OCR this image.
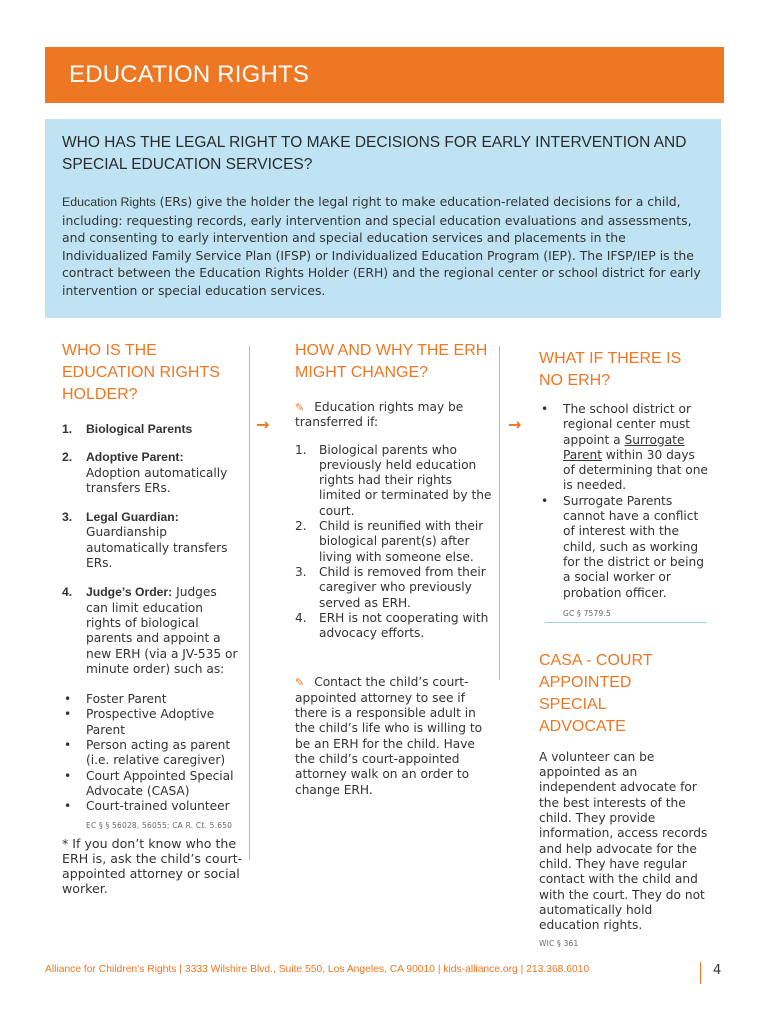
EDUCATION RIGHTS
WHO HAS THE LEGAL RIGHT TO MAKE DECISIONS FOR EARLY INTERVENTION AND SPECIAL EDUCATION SERVICES?

Education Rights (ERs) give the holder the legal right to make education-related decisions for a child, including: requesting records, early intervention and special education evaluations and assessments, and consenting to early intervention and special education services and placements in the Individualized Family Service Plan (IFSP) or Individualized Education Program (IEP). The IFSP/IEP is the contract between the Education Rights Holder (ERH) and the regional center or school district for early intervention or special education services.

→	→
WHO IS THE EDUCATION RIGHTS HOLDER?
1. Biological Parents
2. Adoptive Parent:
Adoption automatically transfers ERs.
3. Legal Guardian:
Guardianship automatically transfers ERs.
4. Judge’s Order: Judges can limit education rights of biological parents and appoint a new ERH (via a JV-535 or minute order) such as:
• Foster Parent
• Prospective Adoptive Parent
• Person acting as parent (i.e. relative caregiver)
• Court Appointed Special Advocate (CASA)
• Court-trained volunteer
EC § § 56028, 56055; CA R. Ct. 5.650

* If you don’t know who the ERH is, ask the child’s court-appointed attorney or social worker.

HOW AND WHY THE ERH MIGHT CHANGE?

✎ Education rights may be transferred if:

1. Biological parents who previously held education rights had their rights limited or terminated by the court.
2. Child is reunified with their biological parent(s) after living with someone else.
3. Child is removed from their caregiver who previously served as ERH.
4. ERH is not cooperating with advocacy efforts.

✎ Contact the child’s court-appointed attorney to see if there is a responsible adult in the child’s life who is willing to be an ERH for the child. Have the child’s court-appointed attorney walk on an order to change ERH.

WHAT IF THERE IS NO ERH?
• The school district or regional center must appoint a Surrogate Parent within 30 days of determining that one is needed.
• Surrogate Parents cannot have a conflict of interest with the child, such as working for the district or being a social worker or probation officer.
GC § 7579.5
CASA - COURT APPOINTED SPECIAL ADVOCATE

A volunteer can be appointed as an independent advocate for the best interests of the child. They provide information, access records and help advocate for the child. They have regular contact with the child and with the court. They do not automatically hold education rights.

WIC § 361
Alliance for Children’s Rights | 3333 Wilshire Blvd., Suite 550, Los Angeles, CA 90010 | kids-alliance.org | 213.368.6010	4
